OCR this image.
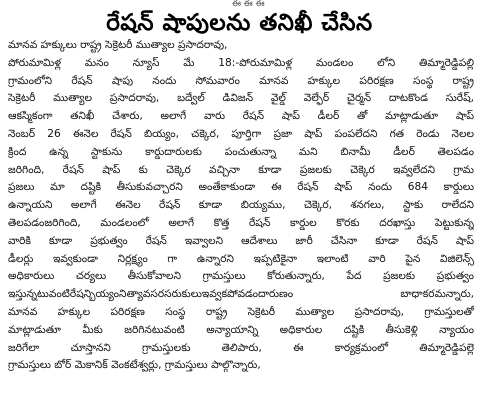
ఈ ఈ ఈ
రేషన్ షాపులను తనిఖీ చేసిన
మానవ హక్కులు రాష్ట్ర సెక్రెటరీ ముత్యాల ప్రసాదరావు,
పోరుమామిళ్ల మనం న్యూస్ మే 18:-పోరుమామిళ్ల మండలం లోని తిమ్మారెడ్డిపల్లి
గ్రామంలోని రేషన్ షాపు నందు సోమవారం మానవ హక్కుల పరిరక్షణ సంస్థ రాష్ట్ర
సెక్రెటరీ ముత్యాల ప్రసాదరావు, బద్వేల్ డివిజన్ వైల్డ్ వెల్ఫేర్ చైర్మన్ దాటకొండ సురేష్,
ఆకస్మికంగా తనిఖీ చేశారు, అలాగే వారు రేషన్ షాప్ డీలర్ తో మాట్లాడుతూ షాప్
నెంబర్ 26 ఈనెల రేషన్ బియ్యం, చక్కెర, పూర్తిగా ప్రజా షాప్ పంపలేదని గత రెండు నెలల
క్రింద ఉన్న స్టాకును కార్డుదారులకు పంచుతున్నా మని బినామీ డీలర్ తెలపడం
జరిగింది, రేషన్ షాప్ కు చెక్కెర వచ్చినా కూడా ప్రజలకు చెక్కెర ఇవ్వలేదని గ్రామ
ప్రజలు మా దష్టికి తీసుకువచ్చారని అంతేకాకుండా ఈ రేషన్ షాప్ నందు 684 కార్డులు
ఉన్నాయని అలాగే ఈనెల రేషన్ కూడా బియ్యము, చెక్కెర, శనగలు, స్టాకు రాలేదని
తెలపడంజరిగింది, మండలంలో అలాగే కొత్త రేషన్ కార్డుల కొరకు దరఖాస్తు పెట్టుకున్న
వారికి కూడా ప్రభుత్వం రేషన్ ఇవ్వాలని ఆదేశాలు జారీ చేసినా కూడా రేషన్ షాప్
డీలర్లు ఇవ్వకుండా నిర్లక్ష్యం గా ఉన్నారని ఇప్పటికైనా ఇలాంటి వారి పైన విజిలెన్స్
అధికారులు చర్యలు తీసుకోవాలని గ్రామస్తులు కోరుతున్నారు, పేద ప్రజలకు ప్రభుత్వం
ఇస్తున్నటువంటిరేషన్బియ్యంనిత్యావసరసరుకులుఇవ్వకపోవడందారుణం బాధాకరమన్నారు,
మానవ హక్కుల పరిరక్షణ సంస్థ రాష్ట్ర సెక్రెటరీ ముత్యాల ప్రసాదరావు, గ్రామస్తులతో
మాట్లాడుతూ మీకు జరిగినటువంటి అన్యాయాన్ని అధికారుల దష్టికి తీసుకెళ్లి న్యాయం
జరిగేలా చూస్తానని గ్రామస్తులకు తెలిపారు, ఈ కార్యక్రమంలో తిమ్మారెడ్డిపల్లె
గ్రామస్తులు బోర్ మెకానిక్ వెంకటేశ్వర్లు, గ్రామస్తులు పాల్గొన్నారు,
